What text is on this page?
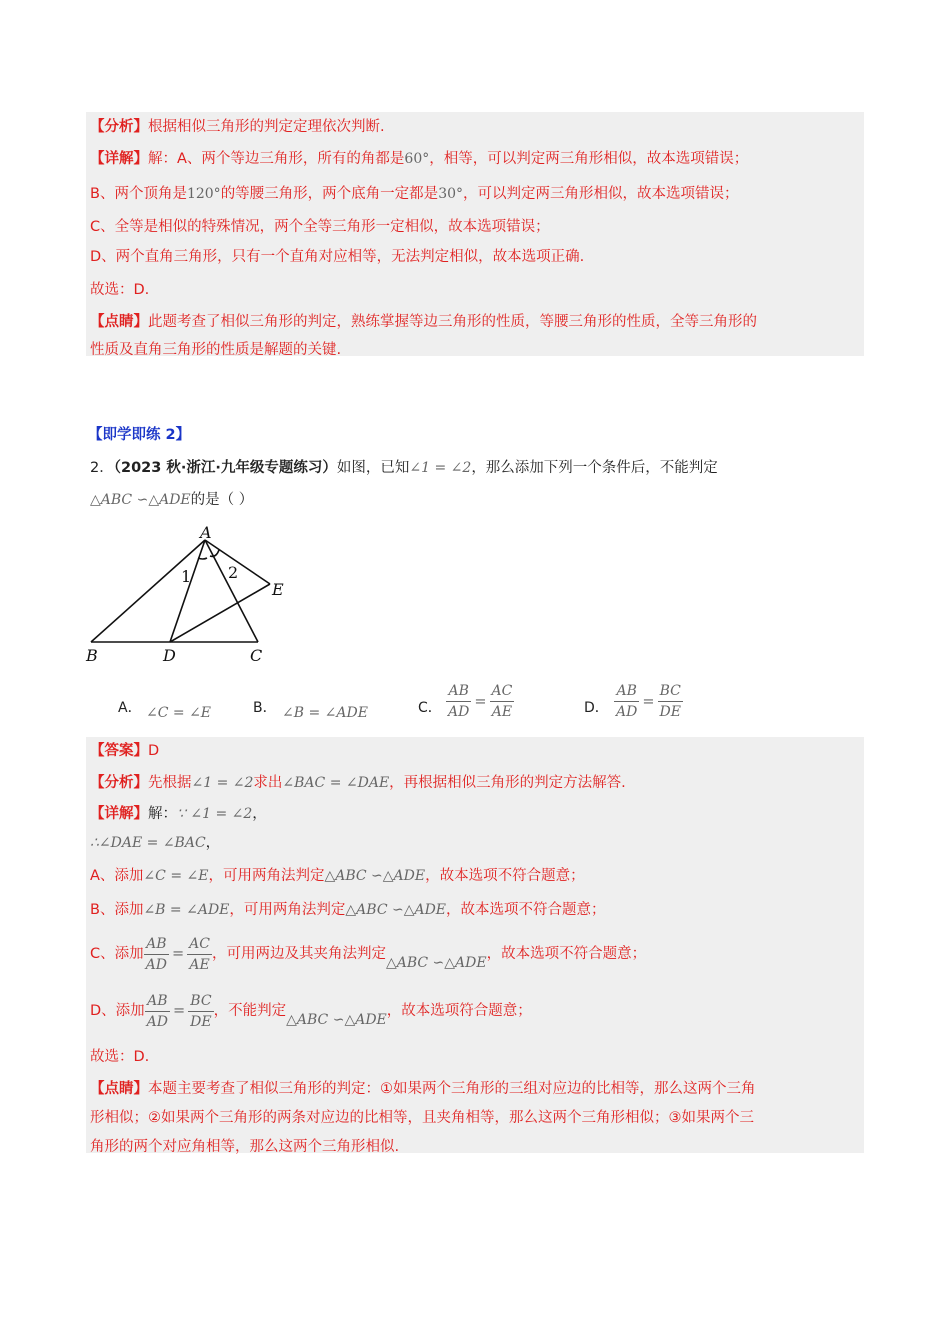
【分析】根据相似三角形的判定定理依次判断.
【详解】解：A、两个等边三角形，所有的角都是60°，相等，可以判定两三角形相似，故本选项错误；
B、两个顶角是120°的等腰三角形，两个底角一定都是30°，可以判定两三角形相似，故本选项错误；
C、全等是相似的特殊情况，两个全等三角形一定相似，故本选项错误；
D、两个直角三角形，只有一个直角对应相等，无法判定相似，故本选项正确.
故选：D.
【点睛】此题考查了相似三角形的判定，熟练掌握等边三角形的性质，等腰三角形的性质，全等三角形的
性质及直角三角形的性质是解题的关键.
【即学即练 2】
2．（2023 秋·浙江·九年级专题练习）如图，已知∠1 = ∠2，那么添加下列一个条件后，不能判定
△ABC ∽△ADE的是（ ）
A
B	C
D
E
1 2
A． ∠C = ∠E	B． ∠B = ∠ADE	C． $\frac{AB}{AD} = \frac{AC}{AE}$	D． $\frac{AB}{AD} = \frac{BC}{DE}$
【答案】D
【分析】先根据∠1 = ∠2求出∠BAC = ∠DAE，再根据相似三角形的判定方法解答.
【详解】解：∵ ∠1 = ∠2，
∴∠DAE = ∠BAC，
A、添加∠C = ∠E，可用两角法判定△ABC ∽△ADE，故本选项不符合题意；
B、添加∠B = ∠ADE，可用两角法判定△ABC ∽△ADE，故本选项不符合题意；
C、添加 $\frac{AB}{AD} = \frac{AC}{AE}$ ，可用两边及其夹角法判定△ABC ∽△ADE，故本选项不符合题意；
D、添加 $\frac{AB}{AD} = \frac{BC}{DE}$ ，不能判定△ABC ∽△ADE，故本选项符合题意；
故选：D.
【点睛】本题主要考查了相似三角形的判定：①如果两个三角形的三组对应边的比相等，那么这两个三角
形相似；②如果两个三角形的两条对应边的比相等，且夹角相等，那么这两个三角形相似；③如果两个三
角形的两个对应角相等，那么这两个三角形相似.
